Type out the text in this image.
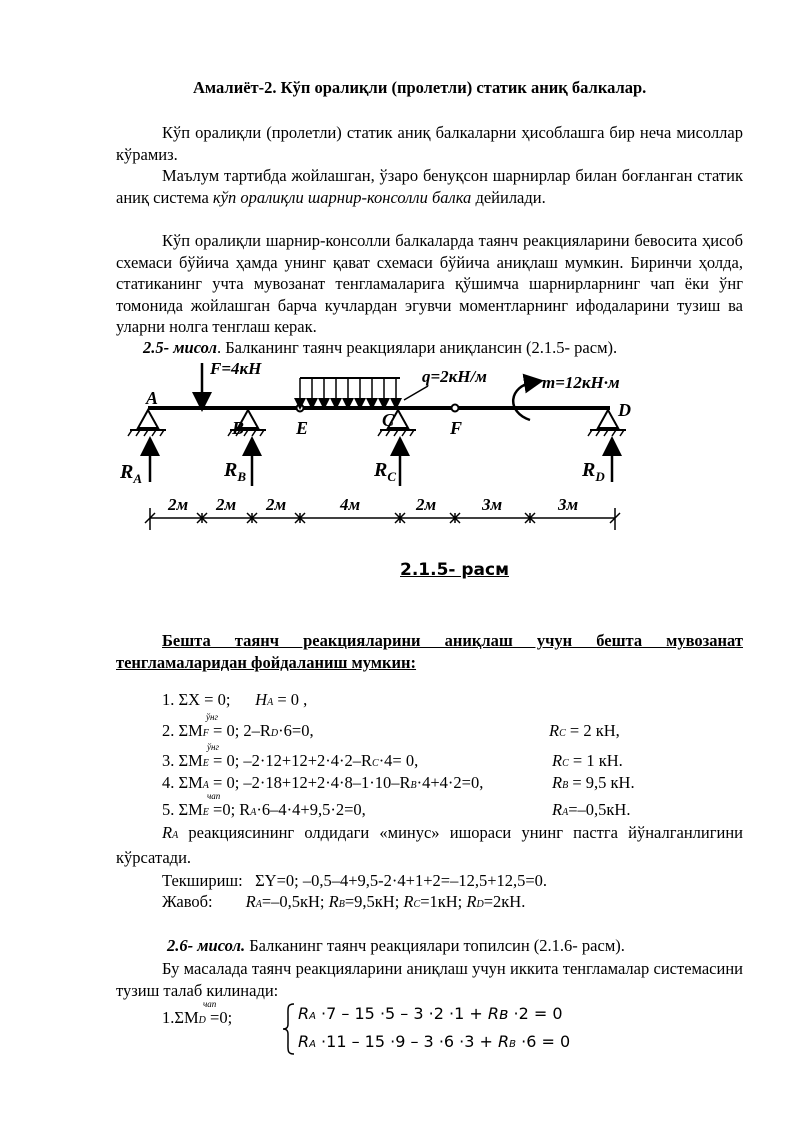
Амалиёт-2. Кўп оралиқли (пролетли) статик аниқ балкалар.
Кўп оралиқли (пролетли) статик аниқ балкаларни ҳисоблашга бир неча мисоллар кўрамиз.
Маълум тартибда жойлашган, ўзаро бенуқсон шарнирлар билан боғланган статик аниқ система кўп оралиқли шарнир-консолли балка дейилади.
Кўп оралиқли шарнир-консолли балкаларда таянч реакцияларини бевосита ҳисоб схемаси бўйича ҳамда унинг қават схемаси бўйича аниқлаш мумкин. Биринчи ҳолда, статиканинг учта мувозанат тенгламаларига қўшимча шарнирларнинг чап ёки ўнг томонида жойлашган барча кучлардан эгувчи моментларнинг ифодаларини тузиш ва уларни нолга тенглаш керак.
2.5- мисол. Балканинг таянч реакциялари аниқлансин (2.1.5- расм).
F=4кН	q=2кН/м	m=12кН·м
A
B	E	C	F
D
$R_A$	$R_B$	$R_C$	$R_D$
2м 2м 2м	4м	2м	3м	3м
2.1.5- расм
Бешта таянч реакцияларини аниқлаш учун бешта мувозанат тенгламаларидан фойдаланиш мумкин:
1. ΣX = 0; HA = 0 ,
2. ΣMF = 0; 2–RD·6=0,
ўнг
RC = 2 кН,
3. ΣME = 0; –2·12+12+2·4·2–RC·4= 0,
ўнг
RC = 1 кН.
4. ΣMA = 0; –2·18+12+2·4·8–1·10–RB·4+4·2=0,	RB = 9,5 кН.
5. ΣME =0; RA·6–4·4+9,5·2=0,
чап
RA=–0,5кН.
RA реакциясининг олдидаги «минус» ишораси унинг пастга йўналганлигини кўрсатади.
Текшириш: ΣY=0; –0,5–4+9,5-2·4+1+2=–12,5+12,5=0.
Жавоб: RA=–0,5кН; RB=9,5кН; RC=1кН; RD=2кН.
2.6- мисол. Балканинг таянч реакциялари топилсин (2.1.6- расм).
Бу масалада таянч реакцияларини аниқлаш учун иккита тенгламалар системасини тузиш талаб килинади:
1.ΣMD =0;
чап	RA ·7 – 15 ·5 – 3 ·2 ·1 + Rв ·2 = 0
RA ·11 – 15 ·9 – 3 ·6 ·3 + RB ·6 = 0
